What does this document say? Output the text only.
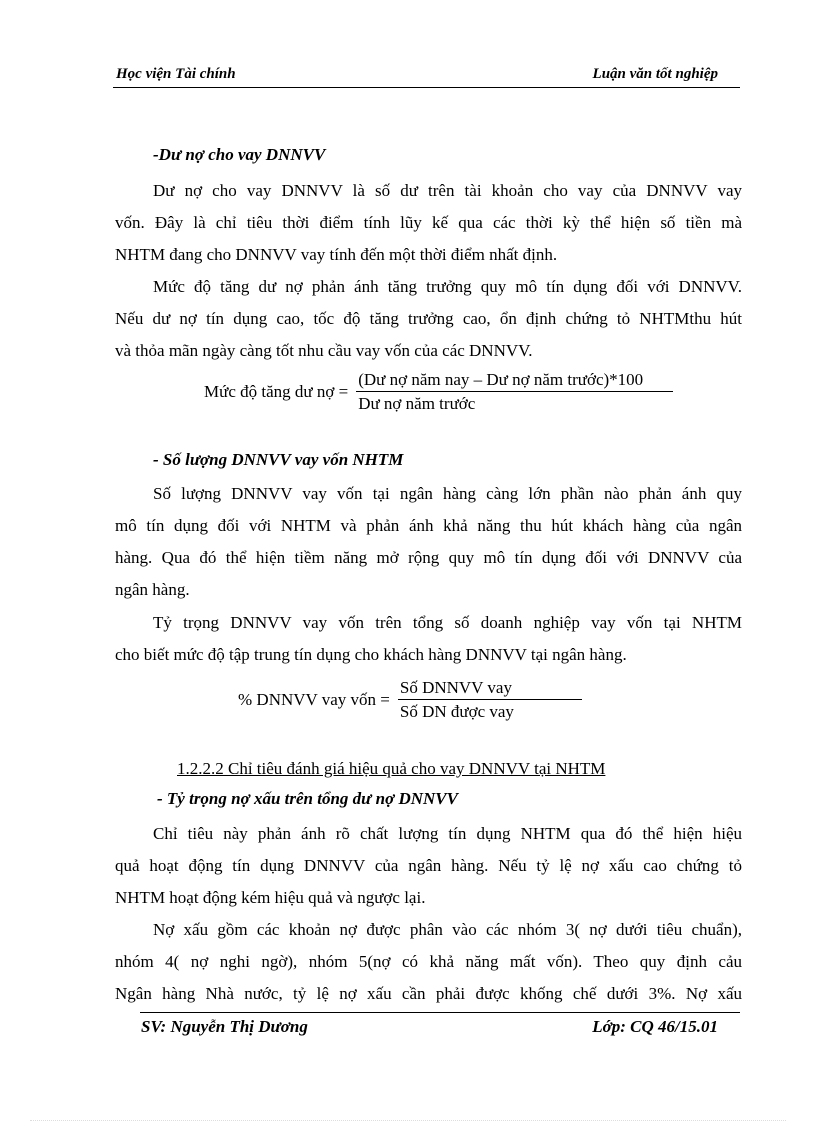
Học viện Tài chính	Luận văn tốt nghiệp
-Dư nợ cho vay DNNVV
Dư nợ cho vay DNNVV là số dư trên tài khoản cho vay của DNNVV vay
vốn. Đây là chỉ tiêu thời điểm tính lũy kế qua các thời kỳ thể hiện số tiền mà
NHTM đang cho DNNVV vay tính đến một thời điểm nhất định.
Mức độ tăng dư nợ phản ánh tăng trưởng quy mô tín dụng đối với DNNVV.
Nếu dư nợ tín dụng cao, tốc độ tăng trưởng cao, ổn định chứng tỏ NHTMthu hút
và thỏa mãn ngày càng tốt nhu cầu vay vốn của các DNNVV.
Mức độ tăng dư nợ = $\frac{\text{(Dư nợ năm nay – Dư nợ năm trước)*100}}{\text{Dư nợ năm trước}}$
- Số lượng DNNVV vay vốn NHTM
Số lượng DNNVV vay vốn tại ngân hàng càng lớn phần nào phản ánh quy
mô tín dụng đối với NHTM và phản ánh khả năng thu hút khách hàng của ngân
hàng. Qua đó thể hiện tiềm năng mở rộng quy mô tín dụng đối với DNNVV của
ngân hàng.
Tỷ trọng DNNVV vay vốn trên tổng số doanh nghiệp vay vốn tại NHTM
cho biết mức độ tập trung tín dụng cho khách hàng DNNVV tại ngân hàng.
% DNNVV vay vốn = $\frac{\text{Số DNNVV vay}}{\text{Số DN được vay}}$
1.2.2.2 Chỉ tiêu đánh giá hiệu quả cho vay DNNVV tại NHTM
- Tỷ trọng nợ xấu trên tổng dư nợ DNNVV
Chỉ tiêu này phản ánh rõ chất lượng tín dụng NHTM qua đó thể hiện hiệu
quả hoạt động tín dụng DNNVV của ngân hàng. Nếu tỷ lệ nợ xấu cao chứng tỏ
NHTM hoạt động kém hiệu quả và ngược lại.
Nợ xấu gồm các khoản nợ được phân vào các nhóm 3( nợ dưới tiêu chuẩn),
nhóm 4( nợ nghi ngờ), nhóm 5(nợ có khả năng mất vốn). Theo quy định cảu
Ngân hàng Nhà nước, tỷ lệ nợ xấu cần phải được khống chế dưới 3%. Nợ xấu
SV: Nguyễn Thị Dương	Lớp: CQ 46/15.01
